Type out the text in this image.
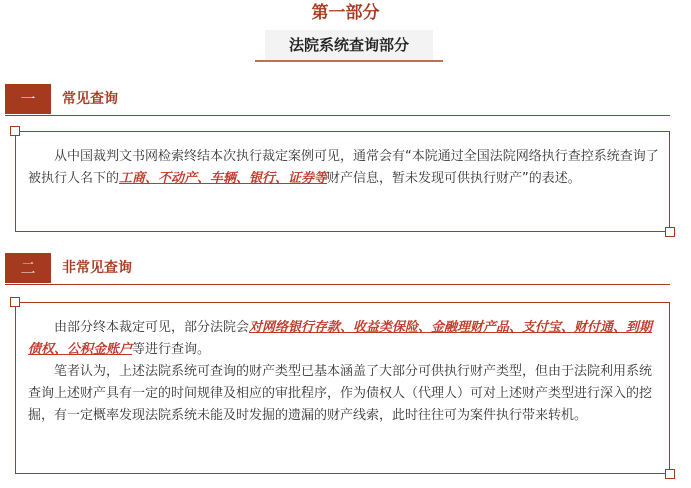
第一部分
法院系统查询部分
一	常见查询

从中国裁判文书网检索终结本次执行裁定案例可见，通常会有“本院通过全国法院网络执行查控系统查询了被执行人名下的工商、不动产、车辆、银行、证券等财产信息，暂未发现可供执行财产”的表述。

二	非常见查询

由部分终本裁定可见，部分法院会对网络银行存款、收益类保险、金融理财产品、支付宝、财付通、到期债权、公积金账户等进行查询。

笔者认为，上述法院系统可查询的财产类型已基本涵盖了大部分可供执行财产类型，但由于法院利用系统查询上述财产具有一定的时间规律及相应的审批程序，作为债权人（代理人）可对上述财产类型进行深入的挖掘，有一定概率发现法院系统未能及时发掘的遗漏的财产线索，此时往往可为案件执行带来转机。
